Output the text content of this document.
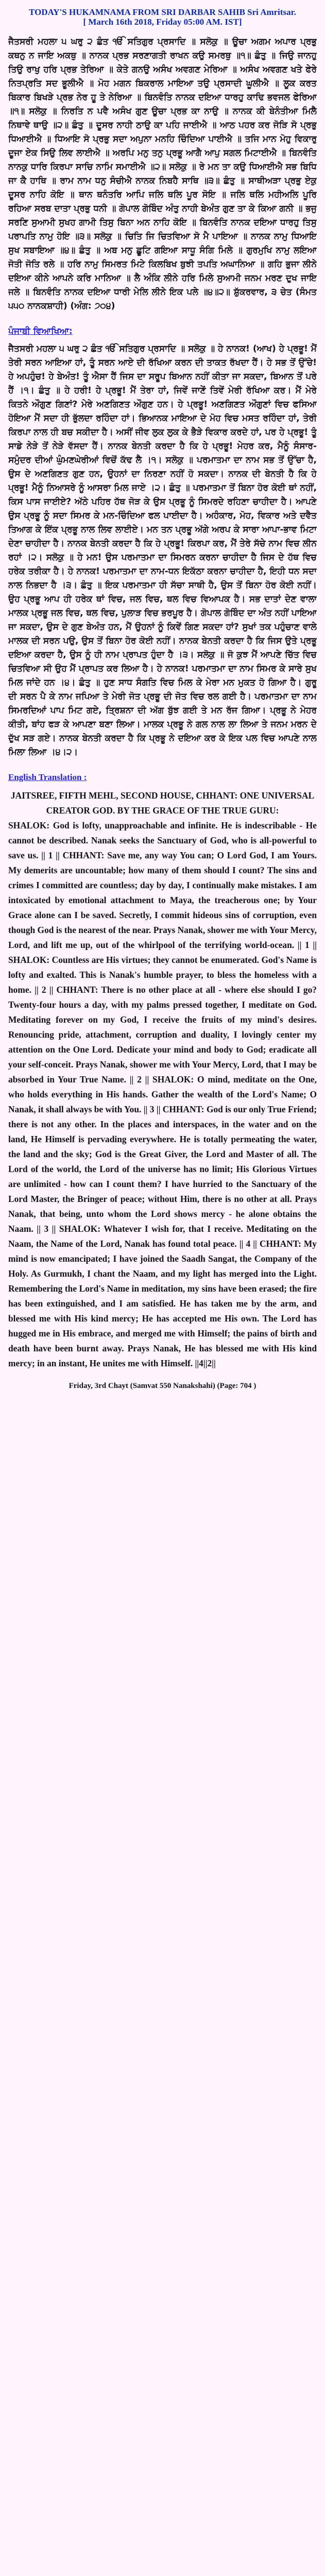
TODAY'S HUKAMNAMA FROM SRI DARBAR SAHIB Sri Amritsar.

[ March 16th 2018, Friday 05:00 AM. IST]

ਜੈਤਸਰੀ ਮਹਲਾ ੫ ਘਰੁ ੨ ਛੰਤ ੴ ਸਤਿਗੁਰ ਪ੍ਰਸਾਦਿ ॥ ਸਲੋਕੁ ॥ ਊਚਾ ਅਗਮ ਅਪਾਰ ਪ੍ਰਭੁ ਕਥਨੁ ਨ ਜਾਇ ਅਕਥੁ ॥ ਨਾਨਕ ਪ੍ਰਭ ਸਰਣਾਗਤੀ ਰਾਖਨ ਕਉ ਸਮਰਥੁ ॥੧॥ ਛੰਤੁ ॥ ਜਿਉ ਜਾਨਹੁ ਤਿਉ ਰਾਖੁ ਹਰਿ ਪ੍ਰਭ ਤੇਰਿਆ ॥ ਕੇਤੇ ਗਨਉ ਅਸੰਖ ਅਵਗਣ ਮੇਰਿਆ ॥ ਅਸੰਖ ਅਵਗਣ ਖਤੇ ਫੇਰੇ ਨਿਤਪ੍ਰਤਿ ਸਦ ਭੂਲੀਐ ॥ ਮੋਹ ਮਗਨ ਬਿਕਰਾਲ ਮਾਇਆ ਤਉ ਪ੍ਰਸਾਦੀ ਘੂਲੀਐ ॥ ਲੂਕ ਕਰਤ ਬਿਕਾਰ ਬਿਖੜੇ ਪ੍ਰਭ ਨੇਰ ਹੂ ਤੇ ਨੇਰਿਆ ॥ ਬਿਨਵੰਤਿ ਨਾਨਕ ਦਇਆ ਧਾਰਹੁ ਕਾਢਿ ਭਵਜਲ ਫੇਰਿਆ ॥੧॥ ਸਲੋਕੁ ॥ ਨਿਰਤਿ ਨ ਪਵੈ ਅਸੰਖ ਗੁਣ ਊਚਾ ਪ੍ਰਭ ਕਾ ਨਾਉ ॥ ਨਾਨਕ ਕੀ ਬੇਨੰਤੀਆ ਮਿਲੈ ਨਿਥਾਵੇ ਥਾਉ ॥੨॥ ਛੰਤੁ ॥ ਦੂਸਰ ਨਾਹੀ ਠਾਉ ਕਾ ਪਹਿ ਜਾਈਐ ॥ ਆਠ ਪਹਰ ਕਰ ਜੋੜਿ ਸੋ ਪ੍ਰਭੁ ਧਿਆਈਐ ॥ ਧਿਆਇ ਸੋ ਪ੍ਰਭੁ ਸਦਾ ਅਪੁਨਾ ਮਨਹਿ ਚਿੰਦਿਆ ਪਾਈਐ ॥ ਤਜਿ ਮਾਨ ਮੋਹੁ ਵਿਕਾਰੁ ਦੂਜਾ ਏਕ ਸਿਉ ਲਿਵ ਲਾਈਐ ॥ ਅਰਪਿ ਮਨੁ ਤਨੁ ਪ੍ਰਭੂ ਆਗੈ ਆਪੁ ਸਗਲ ਮਿਟਾਈਐ ॥ ਬਿਨਵੰਤਿ ਨਾਨਕੁ ਧਾਰਿ ਕਿਰਪਾ ਸਾਚਿ ਨਾਮਿ ਸਮਾਈਐ ॥੨॥ ਸਲੋਕੁ ॥ ਰੇ ਮਨ ਤਾ ਕਉ ਧਿਆਈਐ ਸਭ ਬਿਧਿ ਜਾ ਕੈ ਹਾਥਿ ॥ ਰਾਮ ਨਾਮ ਧਨੁ ਸੰਚੀਐ ਨਾਨਕ ਨਿਬਹੈ ਸਾਥਿ ॥੩॥ ਛੰਤੁ ॥ ਸਾਥੀਅੜਾ ਪ੍ਰਭੁ ਏਕੁ ਦੂਸਰ ਨਾਹਿ ਕੋਇ ॥ ਥਾਨ ਥਨੰਤਰਿ ਆਪਿ ਜਲਿ ਥਲਿ ਪੂਰ ਸੋਇ ॥ ਜਲਿ ਥਲਿ ਮਹੀਅਲਿ ਪੂਰਿ ਰਹਿਆ ਸਰਬ ਦਾਤਾ ਪ੍ਰਭੁ ਧਨੀ ॥ ਗੋਪਾਲ ਗੋਬਿੰਦ ਅੰਤੁ ਨਾਹੀ ਬੇਅੰਤ ਗੁਣ ਤਾ ਕੇ ਕਿਆ ਗਨੀ ॥ ਭਜੁ ਸਰਣਿ ਸੁਆਮੀ ਸੁਖਹ ਗਾਮੀ ਤਿਸੁ ਬਿਨਾ ਅਨ ਨਾਹਿ ਕੋਇ ॥ ਬਿਨਵੰਤਿ ਨਾਨਕ ਦਇਆ ਧਾਰਹੁ ਤਿਸੁ ਪਰਾਪਤਿ ਨਾਮੁ ਹੋਇ ॥੩॥ ਸਲੋਕੁ ॥ ਚਿਤਿ ਜਿ ਚਿਤਵਿਆ ਸੋ ਮੈ ਪਾਇਆ ॥ ਨਾਨਕ ਨਾਮੁ ਧਿਆਇ ਸੁਖ ਸਬਾਇਆ ॥੪॥ ਛੰਤੁ ॥ ਅਬ ਮਨੁ ਛੂਟਿ ਗਇਆ ਸਾਧੂ ਸੰਗਿ ਮਿਲੇ ॥ ਗੁਰਮੁਖਿ ਨਾਮੁ ਲਇਆ ਜੋਤੀ ਜੋਤਿ ਰਲੇ ॥ ਹਰਿ ਨਾਮੁ ਸਿਮਰਤ ਮਿਟੇ ਕਿਲਬਿਖ ਬੁਝੀ ਤਪਤਿ ਅਘਾਨਿਆ ॥ ਗਹਿ ਭੁਜਾ ਲੀਨੇ ਦਇਆ ਕੀਨੇ ਆਪਨੇ ਕਰਿ ਮਾਨਿਆ ॥ ਲੈ ਅੰਕਿ ਲੀਨੇ ਹਰਿ ਮਿਲੇ ਸੁਆਮੀ ਜਨਮ ਮਰਣ ਦੁਖ ਜਾਇ ਜਲੇ ॥ ਬਿਨਵੰਤਿ ਨਾਨਕ ਦਇਆ ਧਾਰੀ ਮੇਲਿ ਲੀਨੇ ਇਕ ਪਲੇ ॥੪॥੨॥ ਸ਼ੁੱਕਰਵਾਰ, ੩ ਚੇਤ (ਸੰਮਤ ੫੫੦ ਨਾਨਕਸ਼ਾਹੀ) (ਅੰਗ: ੭੦੪)

ਪੰਜਾਬੀ ਵਿਆਖਿਆ:

ਜੈਤਸਰੀ ਮਹਲਾ ੫ ਘਰੁ ੨ ਛੰਤ ੴ ਸਤਿਗੁਰ ਪ੍ਰਸਾਦਿ ॥ ਸਲੋਕੁ ॥ ਹੇ ਨਾਨਕ! (ਆਖ) ਹੇ ਪ੍ਰਭੂ! ਮੈਂ ਤੇਰੀ ਸਰਨ ਆਇਆ ਹਾਂ, ਤੂੰ ਸਰਨ ਆਏ ਦੀ ਰੱਖਿਆ ਕਰਨ ਦੀ ਤਾਕਤ ਰੱਖਦਾ ਹੈਂ। ਹੇ ਸਭ ਤੋਂ ਉੱਚੇ! ਹੇ ਅਪਹੁੰਚ! ਹੇ ਬੇਅੰਤ! ਤੂੰ ਐਸਾ ਹੈਂ ਜਿਸ ਦਾ ਸਰੂਪ ਬਿਆਨ ਨਹੀਂ ਕੀਤਾ ਜਾ ਸਕਦਾ, ਬਿਆਨ ਤੋਂ ਪਰੇ ਹੈਂ ।੧। ਛੰਤੁ ॥ ਹੇ ਹਰੀ! ਹੇ ਪ੍ਰਭੂ! ਮੈਂ ਤੇਰਾ ਹਾਂ, ਜਿਵੇਂ ਜਾਣੇਂ ਤਿਵੇਂ ਮੇਰੀ ਰੱਖਿਆ ਕਰ। ਮੈਂ ਮੇਰੇ ਕਿਤਨੇ ਔਗੁਣ ਗਿਣਾਂ? ਮੇਰੇ ਅਣਗਿਣਤ ਔਗੁਣ ਹਨ। ਹੇ ਪ੍ਰਭੂ! ਅਣਗਿਣਤ ਔਗੁਣਾਂ ਵਿਚ ਫਸਿਆ ਹੋਇਆ ਮੈਂ ਸਦਾ ਹੀ ਭੁੱਲਦਾ ਰਹਿੰਦਾ ਹਾਂ। ਭਿਆਨਕ ਮਾਇਆ ਦੇ ਮੋਹ ਵਿਚ ਮਸਤ ਰਹਿੰਦਾ ਹਾਂ, ਤੇਰੀ ਕਿਰਪਾ ਨਾਲ ਹੀ ਬਚ ਸਕੀਦਾ ਹੈ। ਅਸੀਂ ਜੀਵ ਲੁਕ ਲੁਕ ਕੇ ਭੈੜੇ ਵਿਕਾਰ ਕਰਦੇ ਹਾਂ, ਪਰ ਹੇ ਪ੍ਰਭੂ! ਤੂੰ ਸਾਡੇ ਨੇੜੇ ਤੋਂ ਨੇੜੇ ਵੱਸਦਾ ਹੈਂ। ਨਾਨਕ ਬੇਨਤੀ ਕਰਦਾ ਹੈ ਕਿ ਹੇ ਪ੍ਰਭੂ! ਮੇਹਰ ਕਰ, ਮੈਨੂੰ ਸੰਸਾਰ-ਸਮੁੰਦਰ ਦੀਆਂ ਘੁੰਮਣਘੇਰੀਆਂ ਵਿਚੋਂ ਕੱਢ ਲੈ ।੧। ਸਲੋਕੁ ॥ ਪਰਮਾਤਮਾ ਦਾ ਨਾਮ ਸਭ ਤੋਂ ਉੱਚਾ ਹੈ, ਉਸ ਦੇ ਅਣਗਿਣਤ ਗੁਣ ਹਨ, ਉਹਨਾਂ ਦਾ ਨਿਰਣਾ ਨਹੀਂ ਹੋ ਸਕਦਾ। ਨਾਨਕ ਦੀ ਬੇਨਤੀ ਹੈ ਕਿ ਹੇ ਪ੍ਰਭੂ! ਮੈਨੂੰ ਨਿਆਸਰੇ ਨੂੰ ਆਸਰਾ ਮਿਲ ਜਾਏ ।੨। ਛੰਤੁ ॥ ਪਰਮਾਤਮਾ ਤੋਂ ਬਿਨਾ ਹੋਰ ਕੋਈ ਥਾਂ ਨਹੀਂ, ਕਿਸ ਪਾਸ ਜਾਈਏ? ਅੱਠੇ ਪਹਿਰ ਹੱਥ ਜੋੜ ਕੇ ਉਸ ਪ੍ਰਭੂ ਨੂੰ ਸਿਮਰਦੇ ਰਹਿਣਾ ਚਾਹੀਦਾ ਹੈ। ਆਪਣੇ ਉਸ ਪ੍ਰਭੂ ਨੂੰ ਸਦਾ ਸਿਮਰ ਕੇ ਮਨ-ਚਿੰਦਿਆ ਫਲ ਪਾਈਦਾ ਹੈ। ਅਹੰਕਾਰ, ਮੋਹ, ਵਿਕਾਰ ਅਤੇ ਦਵੈਤ ਤਿਆਗ ਕੇ ਇੱਕ ਪ੍ਰਭੂ ਨਾਲ ਲਿਵ ਲਾਈਏ। ਮਨ ਤਨ ਪ੍ਰਭੂ ਅੱਗੇ ਅਰਪ ਕੇ ਸਾਰਾ ਆਪਾ-ਭਾਵ ਮਿਟਾ ਦੇਣਾ ਚਾਹੀਦਾ ਹੈ। ਨਾਨਕ ਬੇਨਤੀ ਕਰਦਾ ਹੈ ਕਿ ਹੇ ਪ੍ਰਭੂ! ਕਿਰਪਾ ਕਰ, ਮੈਂ ਤੇਰੇ ਸੱਚੇ ਨਾਮ ਵਿਚ ਲੀਨ ਰਹਾਂ ।੨। ਸਲੋਕੁ ॥ ਹੇ ਮਨ! ਉਸ ਪਰਮਾਤਮਾ ਦਾ ਸਿਮਰਨ ਕਰਨਾ ਚਾਹੀਦਾ ਹੈ ਜਿਸ ਦੇ ਹੱਥ ਵਿਚ ਹਰੇਕ ਤਰੀਕਾ ਹੈ। ਹੇ ਨਾਨਕ! ਪਰਮਾਤਮਾ ਦਾ ਨਾਮ-ਧਨ ਇਕੱਠਾ ਕਰਨਾ ਚਾਹੀਦਾ ਹੈ, ਇਹੀ ਧਨ ਸਦਾ ਨਾਲ ਨਿਭਦਾ ਹੈ ।੩। ਛੰਤੁ ॥ ਇਕ ਪਰਮਾਤਮਾ ਹੀ ਸੱਚਾ ਸਾਥੀ ਹੈ, ਉਸ ਤੋਂ ਬਿਨਾ ਹੋਰ ਕੋਈ ਨਹੀਂ। ਉਹ ਪ੍ਰਭੂ ਆਪ ਹੀ ਹਰੇਕ ਥਾਂ ਵਿਚ, ਜਲ ਵਿਚ, ਥਲ ਵਿਚ ਵਿਆਪਕ ਹੈ। ਸਭ ਦਾਤਾਂ ਦੇਣ ਵਾਲਾ ਮਾਲਕ ਪ੍ਰਭੂ ਜਲ ਵਿਚ, ਥਲ ਵਿਚ, ਪੁਲਾੜ ਵਿਚ ਭਰਪੂਰ ਹੈ। ਗੋਪਾਲ ਗੋਬਿੰਦ ਦਾ ਅੰਤ ਨਹੀਂ ਪਾਇਆ ਜਾ ਸਕਦਾ, ਉਸ ਦੇ ਗੁਣ ਬੇਅੰਤ ਹਨ, ਮੈਂ ਉਹਨਾਂ ਨੂੰ ਕਿਵੇਂ ਗਿਣ ਸਕਦਾ ਹਾਂ? ਸੁਖਾਂ ਤਕ ਪਹੁੰਚਾਣ ਵਾਲੇ ਮਾਲਕ ਦੀ ਸਰਨ ਪਉ, ਉਸ ਤੋਂ ਬਿਨਾ ਹੋਰ ਕੋਈ ਨਹੀਂ। ਨਾਨਕ ਬੇਨਤੀ ਕਰਦਾ ਹੈ ਕਿ ਜਿਸ ਉਤੇ ਪ੍ਰਭੂ ਦਇਆ ਕਰਦਾ ਹੈ, ਉਸ ਨੂੰ ਹੀ ਨਾਮ ਪ੍ਰਾਪਤ ਹੁੰਦਾ ਹੈ ।੩। ਸਲੋਕੁ ॥ ਜੋ ਕੁਝ ਮੈਂ ਆਪਣੇ ਚਿੱਤ ਵਿਚ ਚਿਤਵਿਆ ਸੀ ਉਹ ਮੈਂ ਪ੍ਰਾਪਤ ਕਰ ਲਿਆ ਹੈ। ਹੇ ਨਾਨਕ! ਪਰਮਾਤਮਾ ਦਾ ਨਾਮ ਸਿਮਰ ਕੇ ਸਾਰੇ ਸੁਖ ਮਿਲ ਜਾਂਦੇ ਹਨ ।੪। ਛੰਤੁ ॥ ਹੁਣ ਸਾਧ ਸੰਗਤਿ ਵਿਚ ਮਿਲ ਕੇ ਮੇਰਾ ਮਨ ਮੁਕਤ ਹੋ ਗਿਆ ਹੈ। ਗੁਰੂ ਦੀ ਸਰਨ ਪੈ ਕੇ ਨਾਮ ਜਪਿਆ ਤੇ ਮੇਰੀ ਜੋਤ ਪ੍ਰਭੂ ਦੀ ਜੋਤ ਵਿਚ ਰਲ ਗਈ ਹੈ। ਪਰਮਾਤਮਾ ਦਾ ਨਾਮ ਸਿਮਰਦਿਆਂ ਪਾਪ ਮਿਟ ਗਏ, ਤ੍ਰਿਸ਼ਨਾ ਦੀ ਅੱਗ ਬੁੱਝ ਗਈ ਤੇ ਮਨ ਰੱਜ ਗਿਆ। ਪ੍ਰਭੂ ਨੇ ਮੇਹਰ ਕੀਤੀ, ਬਾਂਹ ਫੜ ਕੇ ਆਪਣਾ ਬਣਾ ਲਿਆ। ਮਾਲਕ ਪ੍ਰਭੂ ਨੇ ਗਲ ਨਾਲ ਲਾ ਲਿਆ ਤੇ ਜਨਮ ਮਰਨ ਦੇ ਦੁੱਖ ਸੜ ਗਏ। ਨਾਨਕ ਬੇਨਤੀ ਕਰਦਾ ਹੈ ਕਿ ਪ੍ਰਭੂ ਨੇ ਦਇਆ ਕਰ ਕੇ ਇਕ ਪਲ ਵਿਚ ਆਪਣੇ ਨਾਲ ਮਿਲਾ ਲਿਆ ।੪।੨।

English Translation :

JAITSREE, FIFTH MEHL, SECOND HOUSE, CHHANT: ONE UNIVERSAL CREATOR GOD. BY THE GRACE OF THE TRUE GURU:
SHALOK: God is lofty, unapproachable and infinite. He is indescribable - He cannot be described. Nanak seeks the Sanctuary of God, who is all-powerful to save us. || 1 || CHHANT: Save me, any way You can; O Lord God, I am Yours. My demerits are uncountable; how many of them should I count? The sins and crimes I committed are countless; day by day, I continually make mistakes. I am intoxicated by emotional attachment to Maya, the treacherous one; by Your Grace alone can I be saved. Secretly, I commit hideous sins of corruption, even though God is the nearest of the near. Prays Nanak, shower me with Your Mercy, Lord, and lift me up, out of the whirlpool of the terrifying world-ocean. || 1 || SHALOK: Countless are His virtues; they cannot be enumerated. God's Name is lofty and exalted. This is Nanak's humble prayer, to bless the homeless with a home. || 2 || CHHANT: There is no other place at all - where else should I go? Twenty-four hours a day, with my palms pressed together, I meditate on God. Meditating forever on my God, I receive the fruits of my mind's desires. Renouncing pride, attachment, corruption and duality, I lovingly center my attention on the One Lord. Dedicate your mind and body to God; eradicate all your self-conceit. Prays Nanak, shower me with Your Mercy, Lord, that I may be absorbed in Your True Name. || 2 || SHALOK: O mind, meditate on the One, who holds everything in His hands. Gather the wealth of the Lord's Name; O Nanak, it shall always be with You. || 3 || CHHANT: God is our only True Friend; there is not any other. In the places and interspaces, in the water and on the land, He Himself is pervading everywhere. He is totally permeating the water, the land and the sky; God is the Great Giver, the Lord and Master of all. The Lord of the world, the Lord of the universe has no limit; His Glorious Virtues are unlimited - how can I count them? I have hurried to the Sanctuary of the Lord Master, the Bringer of peace; without Him, there is no other at all. Prays Nanak, that being, unto whom the Lord shows mercy - he alone obtains the Naam. || 3 || SHALOK: Whatever I wish for, that I receive. Meditating on the Naam, the Name of the Lord, Nanak has found total peace. || 4 || CHHANT: My mind is now emancipated; I have joined the Saadh Sangat, the Company of the Holy. As Gurmukh, I chant the Naam, and my light has merged into the Light. Remembering the Lord's Name in meditation, my sins have been erased; the fire has been extinguished, and I am satisfied. He has taken me by the arm, and blessed me with His kind mercy; He has accepted me His own. The Lord has hugged me in His embrace, and merged me with Himself; the pains of birth and death have been burnt away. Prays Nanak, He has blessed me with His kind mercy; in an instant, He unites me with Himself. ||4||2||

Friday, 3rd Chayt (Samvat 550 Nanakshahi) (Page: 704 )
